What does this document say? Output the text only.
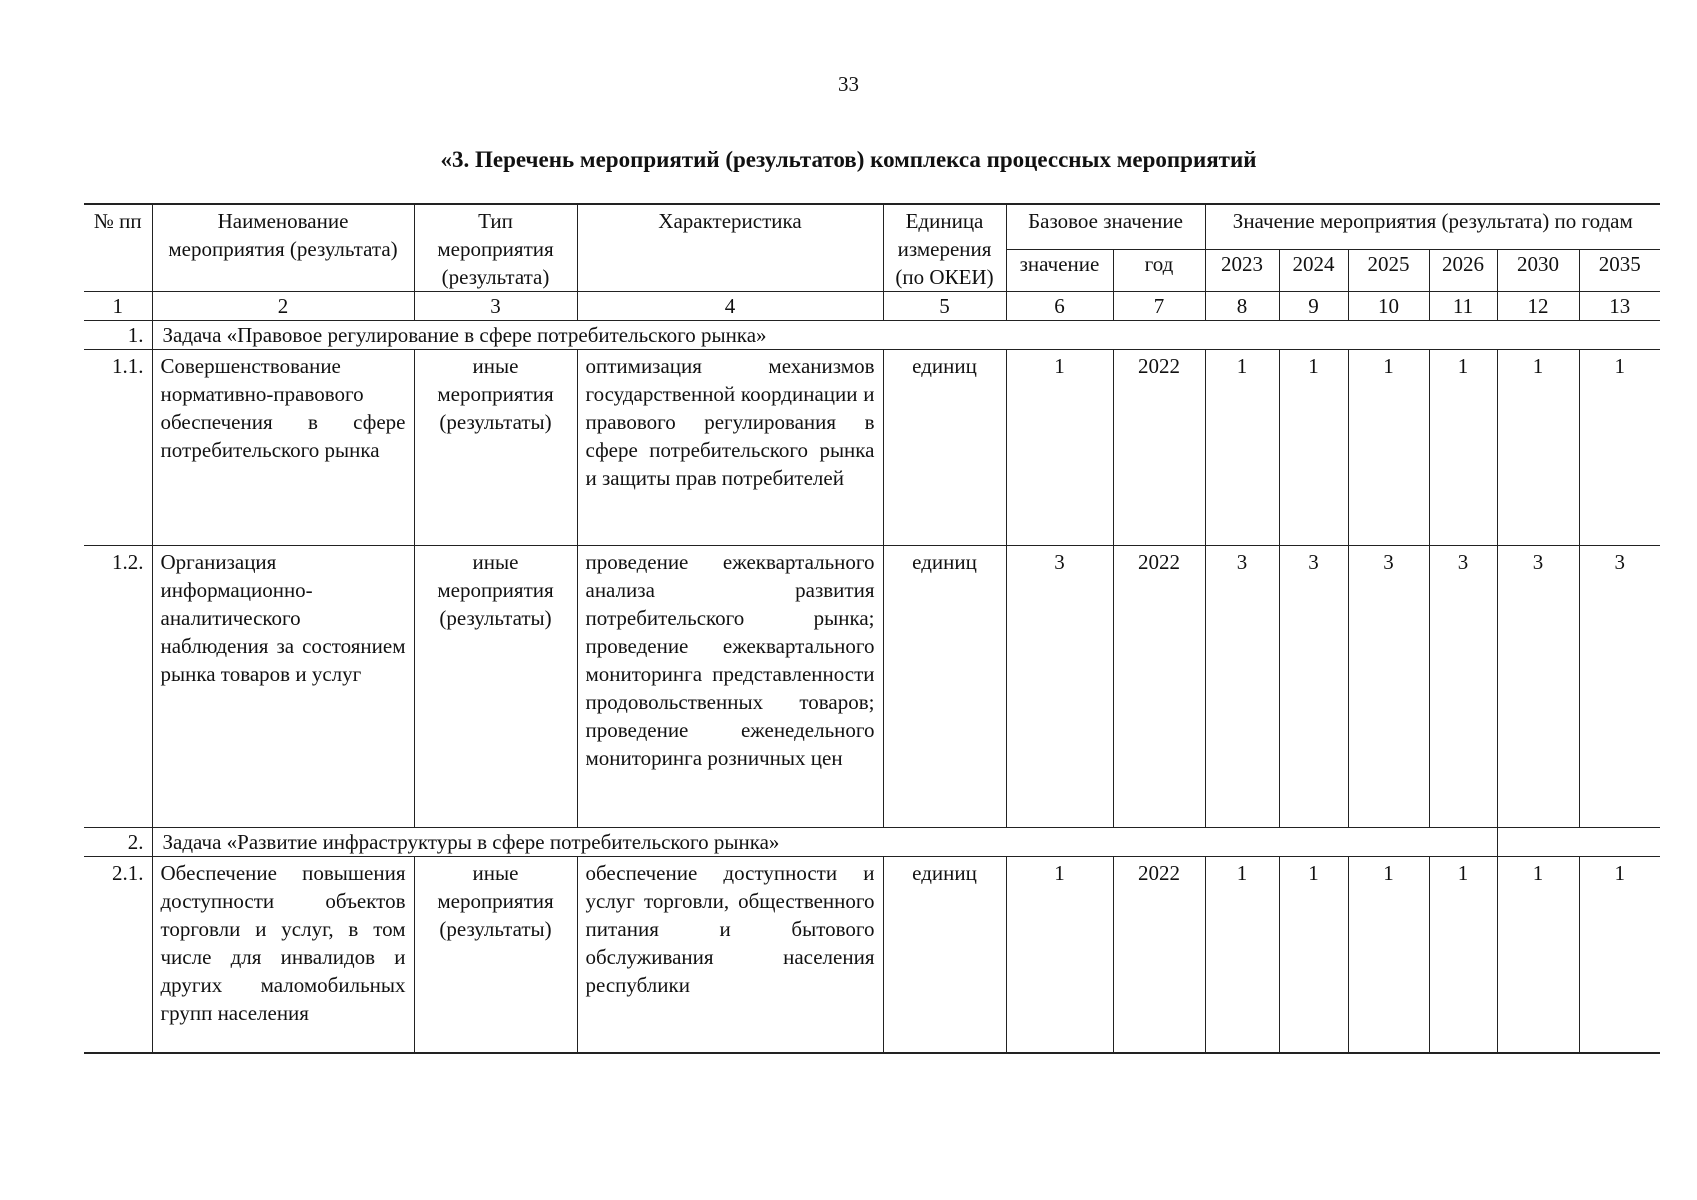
33
«3. Перечень мероприятий (результатов) комплекса процессных мероприятий
№ пп	Наименование мероприятия (результата)	Тип мероприятия (результата)	Характеристика	Единица измерения (по ОКЕИ)	Базовое значение		Значение мероприятия (результата) по годам					
					значение	год	2023	2024	2025	2026	2030	2035
1	2	3	4	5	6	7	8	9	10	11	12	13
1.	Задача «Правовое регулирование в сфере потребительского рынка»											
1.1.	Совершенствование нормативно-правового обеспечения в сфере потребительского рынка	иные мероприятия (результаты)	оптимизация механизмов государственной координации и правового регулирования в сфере потребительского рынка и защиты прав потребителей	единиц	1	2022	1	1	1	1	1	1
1.2.	Организация информационно-аналитического наблюдения за состоянием рынка товаров и услуг	иные мероприятия (результаты)	проведение ежеквартального анализа развития потребительского рынка; проведение ежеквартального мониторинга представленности продовольственных товаров; проведение еженедельного мониторинга розничных цен	единиц	3	2022	3	3	3	3	3	3
2.	Задача «Развитие инфраструктуры в сфере потребительского рынка»											
2.1.	Обеспечение повышения доступности объектов торговли и услуг, в том числе для инвалидов и других маломобильных групп населения	иные мероприятия (результаты)	обеспечение доступности и услуг торговли, общественного питания и бытового обслуживания населения республики	единиц	1	2022	1	1	1	1	1	1
